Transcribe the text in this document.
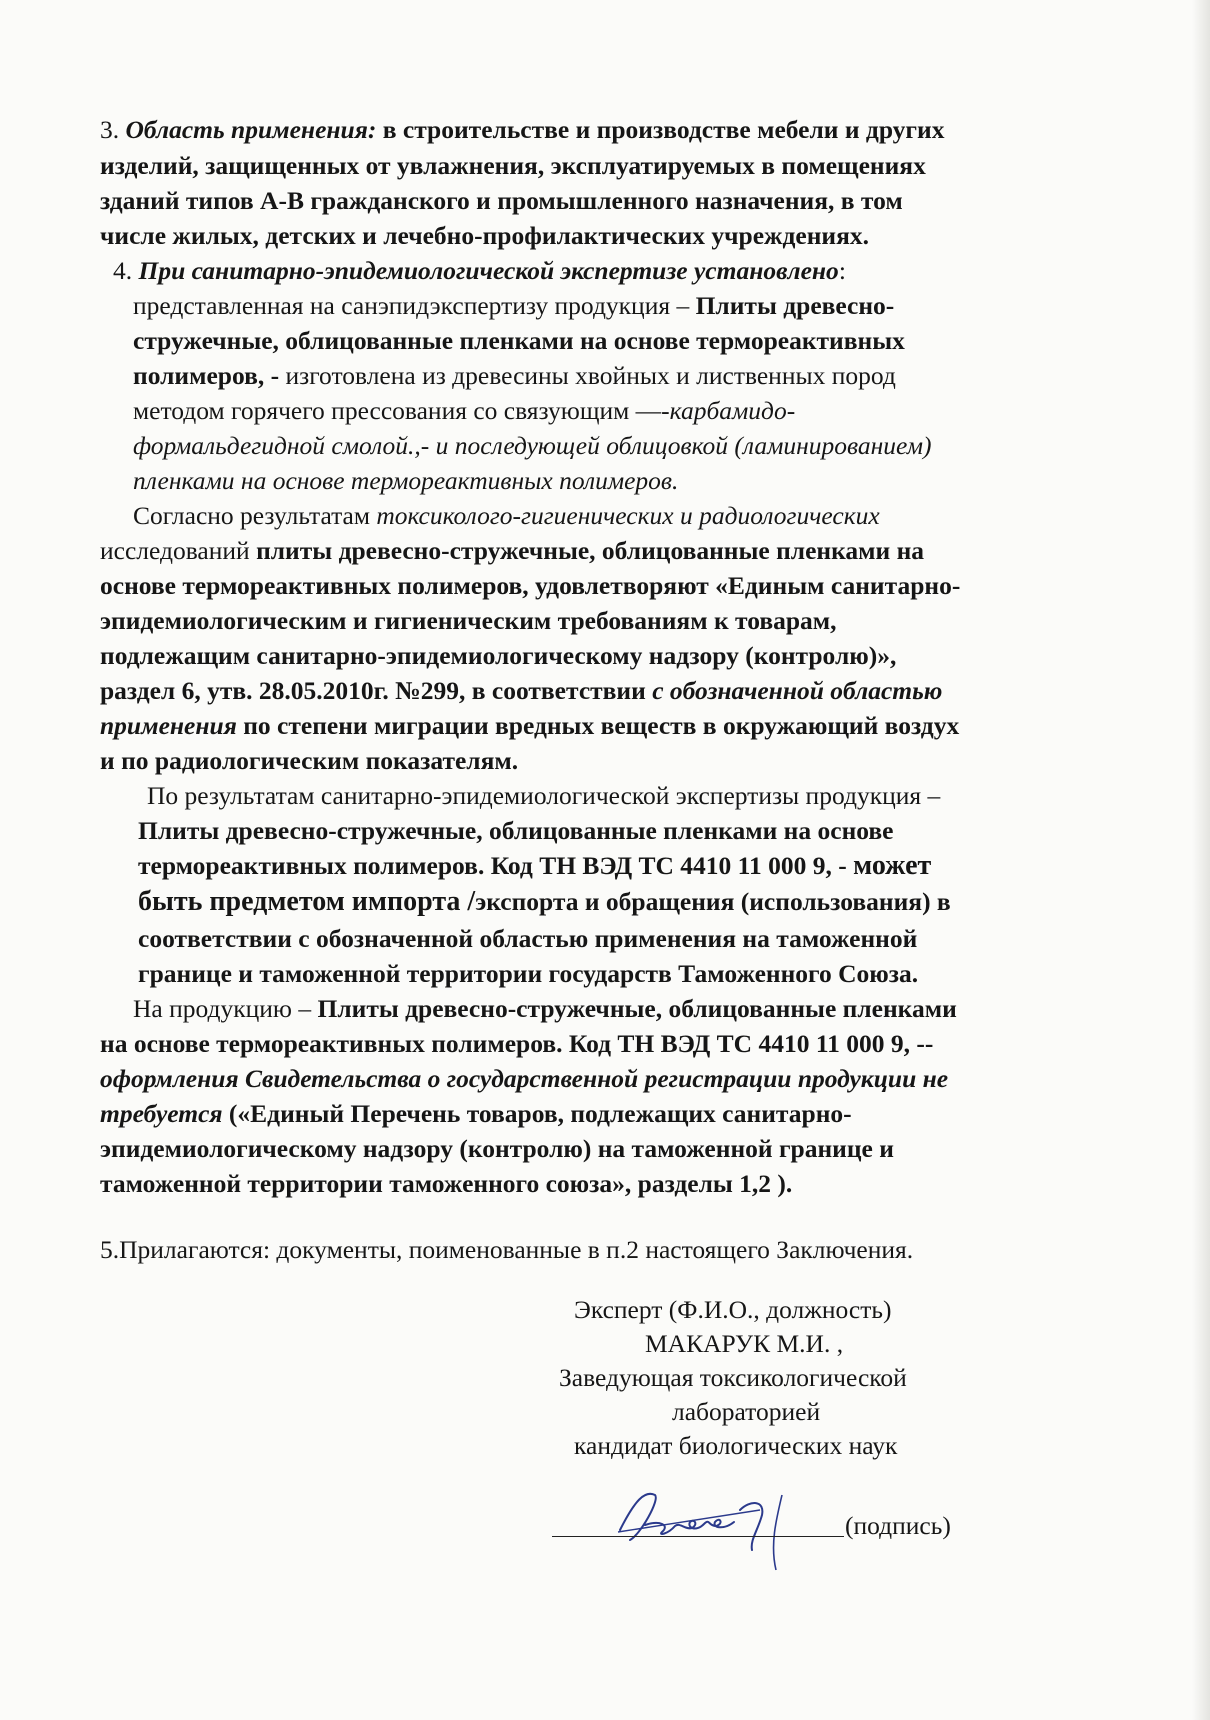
3. Область применения: в строительстве и производстве мебели и других
изделий, защищенных от увлажнения, эксплуатируемых в помещениях
зданий типов А-В гражданского и промышленного назначения, в том
числе жилых, детских и лечебно-профилактических учреждениях.
4. При санитарно-эпидемиологической экспертизе установлено:
представленная на санэпидэкспертизу продукция – Плиты древесно-
стружечные, облицованные пленками на основе термореактивных
полимеров, - изготовлена из древесины хвойных и лиственных пород
методом горячего прессования со связующим —-карбамидо-
формальдегидной смолой.,- и последующей облицовкой (ламинированием)
пленками на основе термореактивных полимеров.
Согласно результатам токсиколого-гигиенических и радиологических
исследований плиты древесно-стружечные, облицованные пленками на
основе термореактивных полимеров, удовлетворяют «Единым санитарно-
эпидемиологическим и гигиеническим требованиям к товарам,
подлежащим санитарно-эпидемиологическому надзору (контролю)»,
раздел 6, утв. 28.05.2010г. №299, в соответствии с обозначенной областью
применения по степени миграции вредных веществ в окружающий воздух
и по радиологическим показателям.
По результатам санитарно-эпидемиологической экспертизы продукция –
Плиты древесно-стружечные, облицованные пленками на основе
термореактивных полимеров. Код ТН ВЭД ТС 4410 11 000 9, - может
быть предметом импорта /экспорта и обращения (использования) в
соответствии с обозначенной областью применения на таможенной
границе и таможенной территории государств Таможенного Союза.
На продукцию – Плиты древесно-стружечные, облицованные пленками
на основе термореактивных полимеров. Код ТН ВЭД ТС 4410 11 000 9, --
оформления Свидетельства о государственной регистрации продукции не
требуется («Единый Перечень товаров, подлежащих санитарно-
эпидемиологическому надзору (контролю) на таможенной границе и
таможенной территории таможенного союза», разделы 1,2 ).
5.Прилагаются: документы, поименованные в п.2 настоящего Заключения.
Эксперт (Ф.И.О., должность)
МАКАРУК М.И. ,
Заведующая токсикологической
лабораторией
кандидат биологических наук
(подпись)
